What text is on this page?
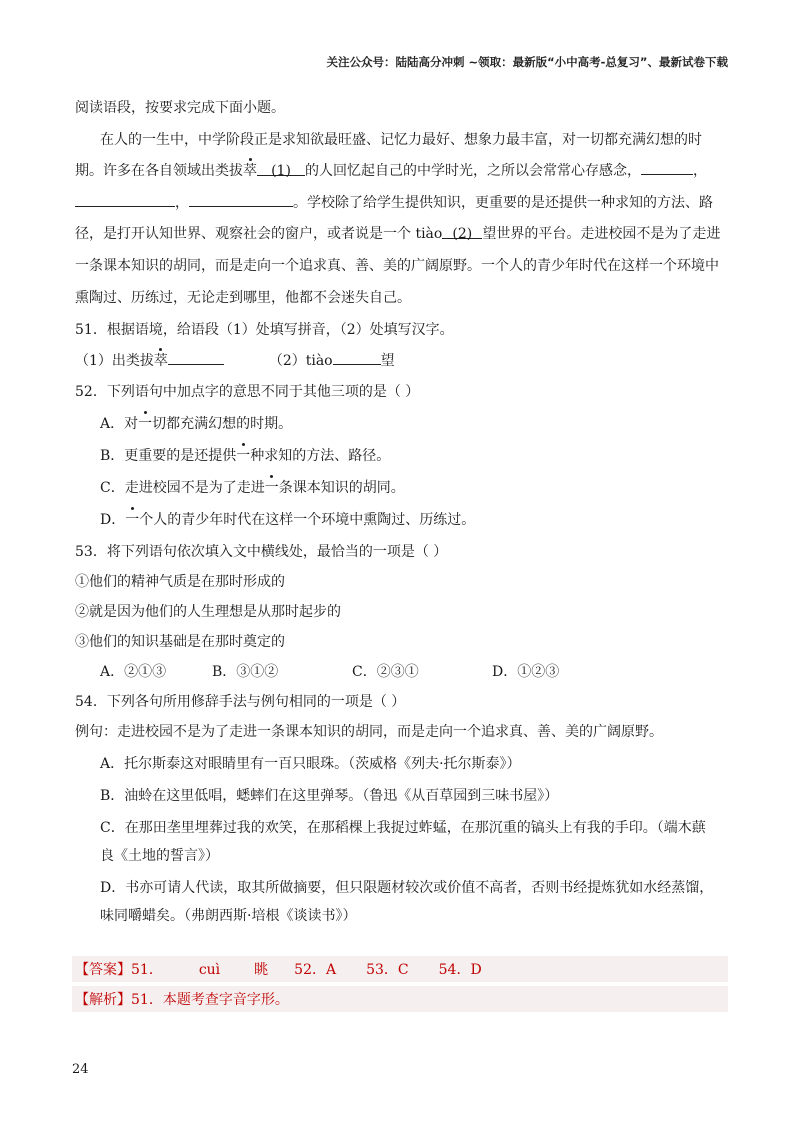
关注公众号：陆陆高分冲刺 ~领取：最新版“小中高考-总复习”、最新试卷下载
阅读语段，按要求完成下面小题。
在人的一生中，中学阶段正是求知欲最旺盛、记忆力最好、想象力最丰富，对一切都充满幻想的时
期。许多在各自领域出类拔萃 (1) 的人回忆起自己的中学时光，之所以会常常心存感念，	，
，	。学校除了给学生提供知识，更重要的是还提供一种求知的方法、路
径，是打开认知世界、观察社会的窗户，或者说是一个 tiào (2) 望世界的平台。走进校园不是为了走进
一条课本知识的胡同，而是走向一个追求真、善、美的广阔原野。一个人的青少年时代在这样一个环境中
熏陶过、历练过，无论走到哪里，他都不会迷失自己。
51．根据语境，给语段（1）处填写拼音，（2）处填写汉字。
（1）出类拔萃	（2）tiào	望
52．下列语句中加点字的意思不同于其他三项的是（ ）
A．对一切都充满幻想的时期。
B．更重要的是还提供一种求知的方法、路径。
C．走进校园不是为了走进一条课本知识的胡同。
D．一个人的青少年时代在这样一个环境中熏陶过、历练过。
53．将下列语句依次填入文中横线处，最恰当的一项是（ ）
①他们的精神气质是在那时形成的
②就是因为他们的人生理想是从那时起步的
③他们的知识基础是在那时奠定的
A．②①③	B．③①②	C．②③①	D．①②③
54．下列各句所用修辞手法与例句相同的一项是（ ）
例句：走进校园不是为了走进一条课本知识的胡同，而是走向一个追求真、善、美的广阔原野。
A．托尔斯泰这对眼睛里有一百只眼珠。（茨威格《列夫·托尔斯泰》）
B．油蛉在这里低唱，蟋蟀们在这里弹琴。（鲁迅《从百草园到三味书屋》）
C．在那田垄里埋葬过我的欢笑，在那稻棵上我捉过蚱蜢，在那沉重的镐头上有我的手印。（端木蕻
良《土地的誓言》）
D．书亦可请人代读，取其所做摘要，但只限题材较次或价值不高者，否则书经提炼犹如水经蒸馏，
味同嚼蜡矣。（弗朗西斯·培根《谈读书》）
【答案】51．	cuì 眺 52．A 53．C 54．D
【解析】51．本题考查字音字形。
24
